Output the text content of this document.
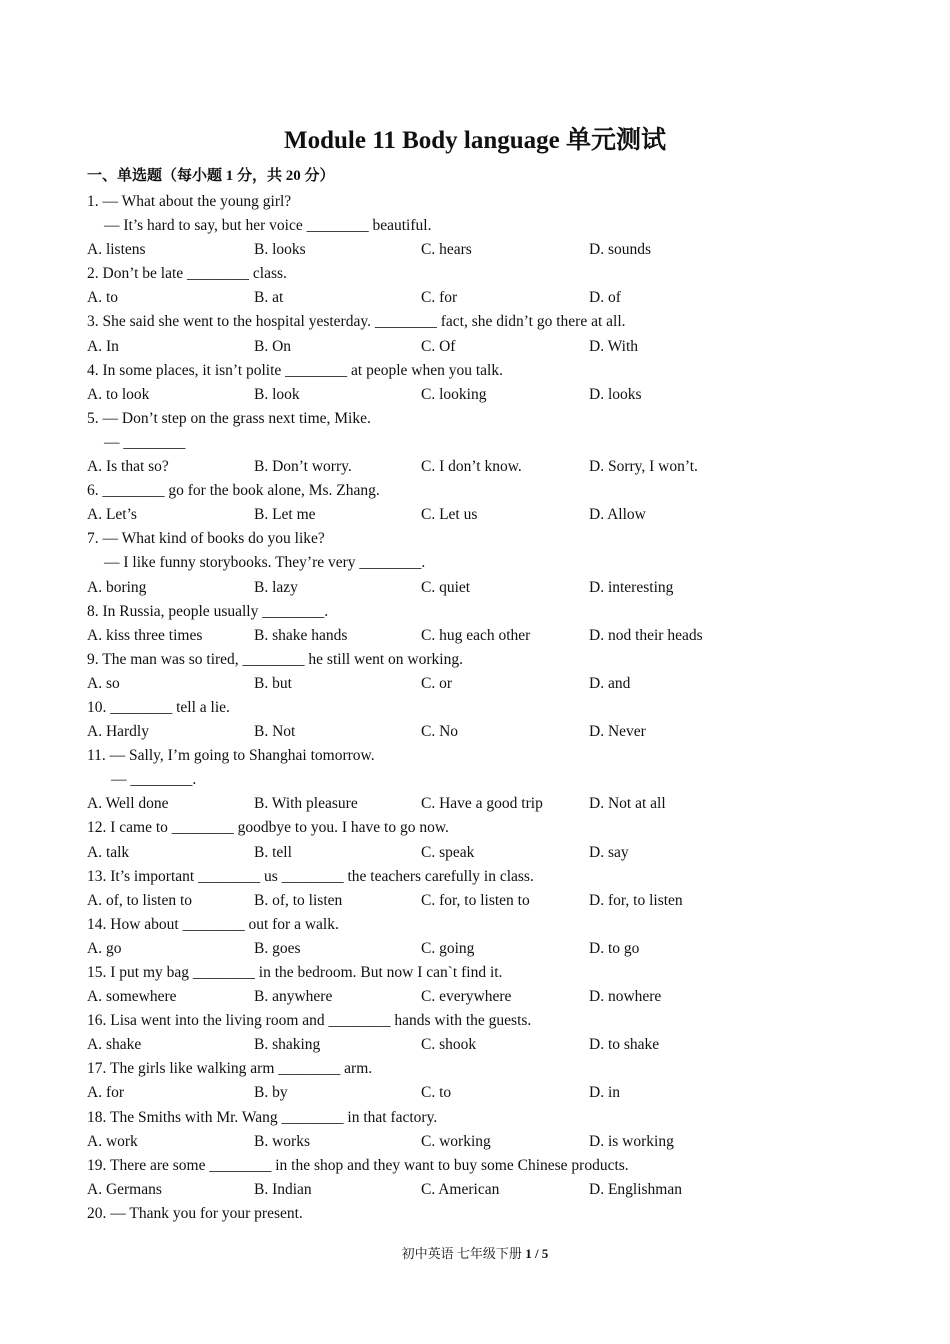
Module 11 Body language 单元测试
一、单选题（每小题 1 分，共 20 分）
1. — What about the young girl?
— It’s hard to say, but her voice ________ beautiful.
A. listens	B. looks	C. hears	D. sounds
2. Don’t be late ________ class.
A. to	B. at	C. for	D. of
3. She said she went to the hospital yesterday. ________ fact, she didn’t go there at all.
A. In	B. On	C. Of	D. With
4. In some places, it isn’t polite ________ at people when you talk.
A. to look	B. look	C. looking	D. looks
5. — Don’t step on the grass next time, Mike.
— ________
A. Is that so?	B. Don’t worry.	C. I don’t know.	D. Sorry, I won’t.
6. ________ go for the book alone, Ms. Zhang.
A. Let’s	B. Let me	C. Let us	D. Allow
7. — What kind of books do you like?
— I like funny storybooks. They’re very ________.
A. boring	B. lazy	C. quiet	D. interesting
8. In Russia, people usually ________.
A. kiss three times	B. shake hands	C. hug each other	D. nod their heads
9. The man was so tired, ________ he still went on working.
A. so	B. but	C. or	D. and
10. ________ tell a lie.
A. Hardly	B. Not	C. No	D. Never
11. — Sally, I’m going to Shanghai tomorrow.
— ________.
A. Well done	B. With pleasure	C. Have a good trip	D. Not at all
12. I came to ________ goodbye to you. I have to go now.
A. talk	B. tell	C. speak	D. say
13. It’s important ________ us ________ the teachers carefully in class.
A. of, to listen to	B. of, to listen	C. for, to listen to	D. for, to listen
14. How about ________ out for a walk.
A. go	B. goes	C. going	D. to go
15. I put my bag ________ in the bedroom. But now I can`t find it.
A. somewhere	B. anywhere	C. everywhere	D. nowhere
16. Lisa went into the living room and ________ hands with the guests.
A. shake	B. shaking	C. shook	D. to shake
17. The girls like walking arm ________ arm.
A. for	B. by	C. to	D. in
18. The Smiths with Mr. Wang ________ in that factory.
A. work	B. works	C. working	D. is working
19. There are some ________ in the shop and they want to buy some Chinese products.
A. Germans	B. Indian	C. American	D. Englishman
20. — Thank you for your present.
初中英语 七年级下册 1 / 5
